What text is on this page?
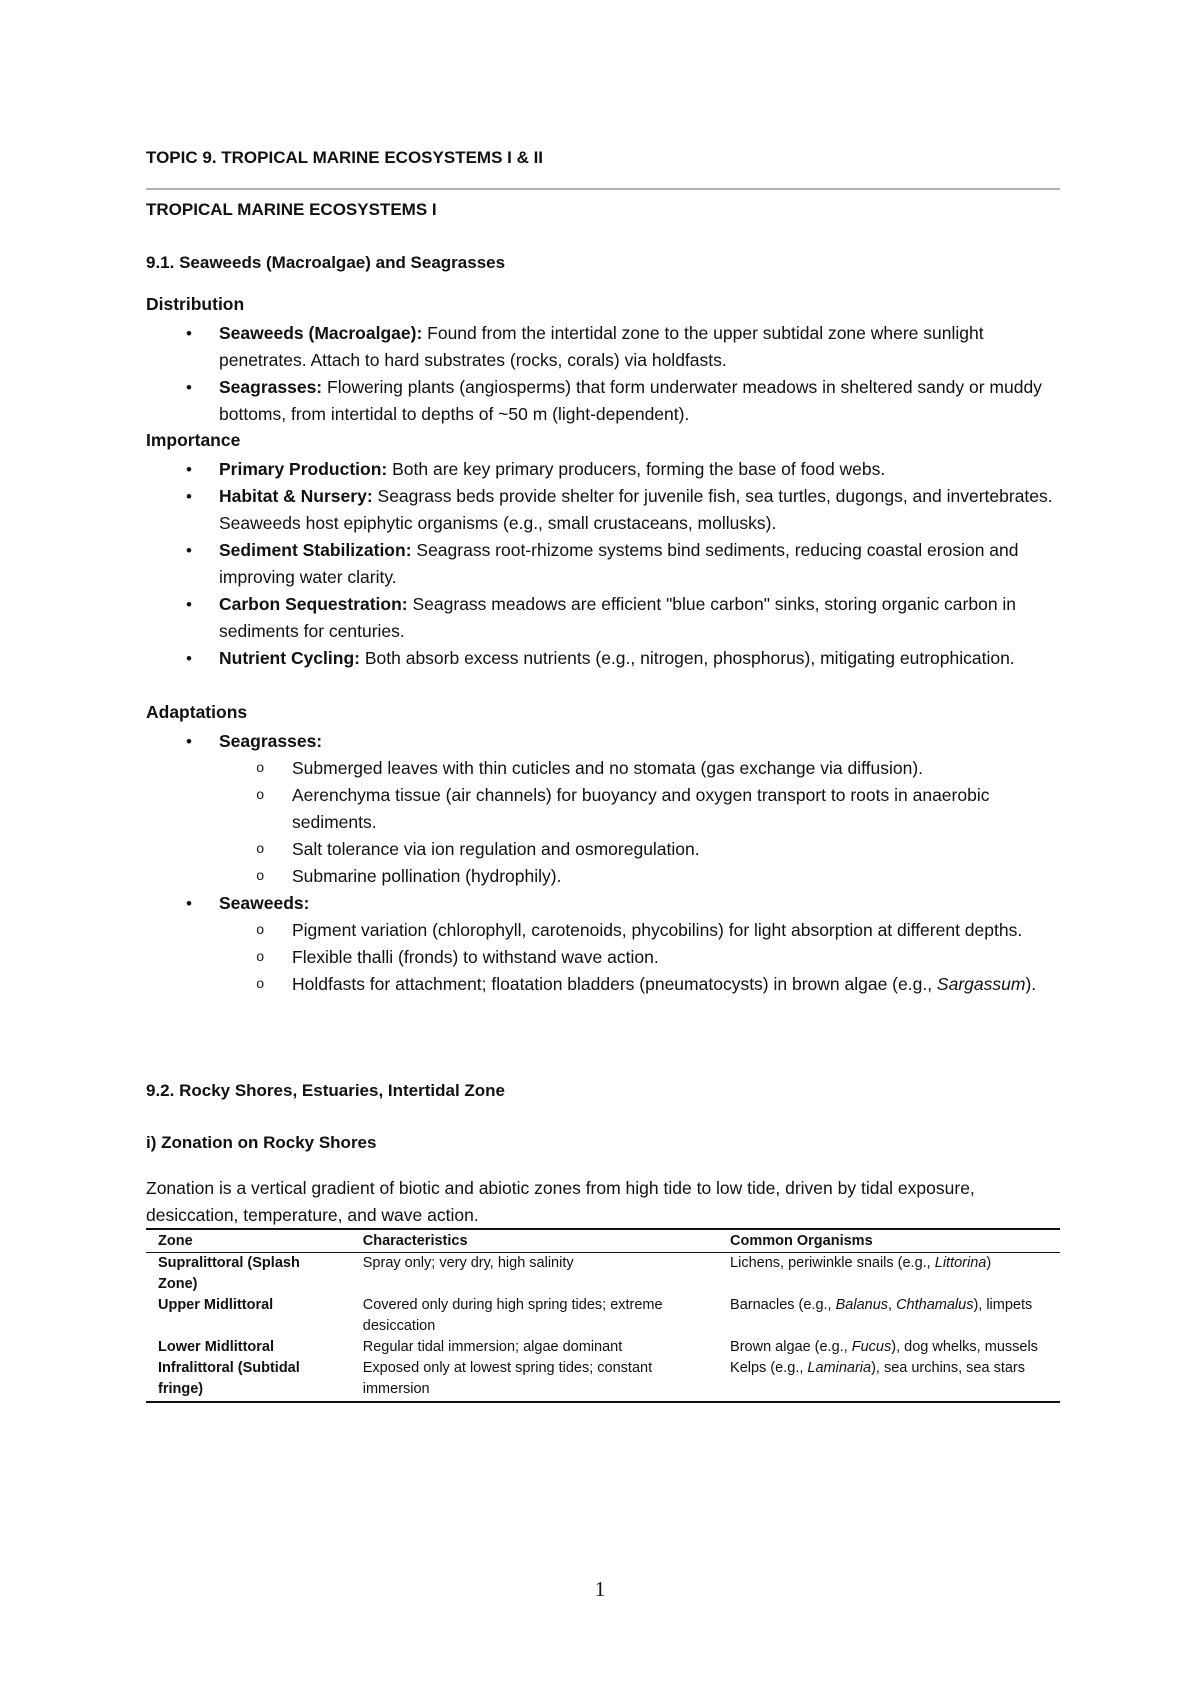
TOPIC 9. TROPICAL MARINE ECOSYSTEMS I & II
TROPICAL MARINE ECOSYSTEMS I
9.1. Seaweeds (Macroalgae) and Seagrasses
Distribution
• Seaweeds (Macroalgae): Found from the intertidal zone to the upper subtidal zone where sunlight penetrates. Attach to hard substrates (rocks, corals) via holdfasts.
• Seagrasses: Flowering plants (angiosperms) that form underwater meadows in sheltered sandy or muddy bottoms, from intertidal to depths of ~50 m (light-dependent).
Importance
• Primary Production: Both are key primary producers, forming the base of food webs.
• Habitat & Nursery: Seagrass beds provide shelter for juvenile fish, sea turtles, dugongs, and invertebrates. Seaweeds host epiphytic organisms (e.g., small crustaceans, mollusks).
• Sediment Stabilization: Seagrass root-rhizome systems bind sediments, reducing coastal erosion and improving water clarity.
• Carbon Sequestration: Seagrass meadows are efficient "blue carbon" sinks, storing organic carbon in sediments for centuries.
• Nutrient Cycling: Both absorb excess nutrients (e.g., nitrogen, phosphorus), mitigating eutrophication.
Adaptations
• Seagrasses:
o Submerged leaves with thin cuticles and no stomata (gas exchange via diffusion).
o Aerenchyma tissue (air channels) for buoyancy and oxygen transport to roots in anaerobic sediments.
o Salt tolerance via ion regulation and osmoregulation.
o Submarine pollination (hydrophily).
• Seaweeds:
o Pigment variation (chlorophyll, carotenoids, phycobilins) for light absorption at different depths.
o Flexible thalli (fronds) to withstand wave action.
o Holdfasts for attachment; floatation bladders (pneumatocysts) in brown algae (e.g., Sargassum).
9.2. Rocky Shores, Estuaries, Intertidal Zone
i) Zonation on Rocky Shores
Zonation is a vertical gradient of biotic and abiotic zones from high tide to low tide, driven by tidal exposure, desiccation, temperature, and wave action.
Zone	Characteristics	Common Organisms
Supralittoral (Splash Zone)	Spray only; very dry, high salinity	Lichens, periwinkle snails (e.g., Littorina)
Upper Midlittoral	Covered only during high spring tides; extreme desiccation	Barnacles (e.g., Balanus, Chthamalus), limpets
Lower Midlittoral	Regular tidal immersion; algae dominant	Brown algae (e.g., Fucus), dog whelks, mussels
Infralittoral (Subtidal fringe)	Exposed only at lowest spring tides; constant immersion	Kelps (e.g., Laminaria), sea urchins, sea stars
1
